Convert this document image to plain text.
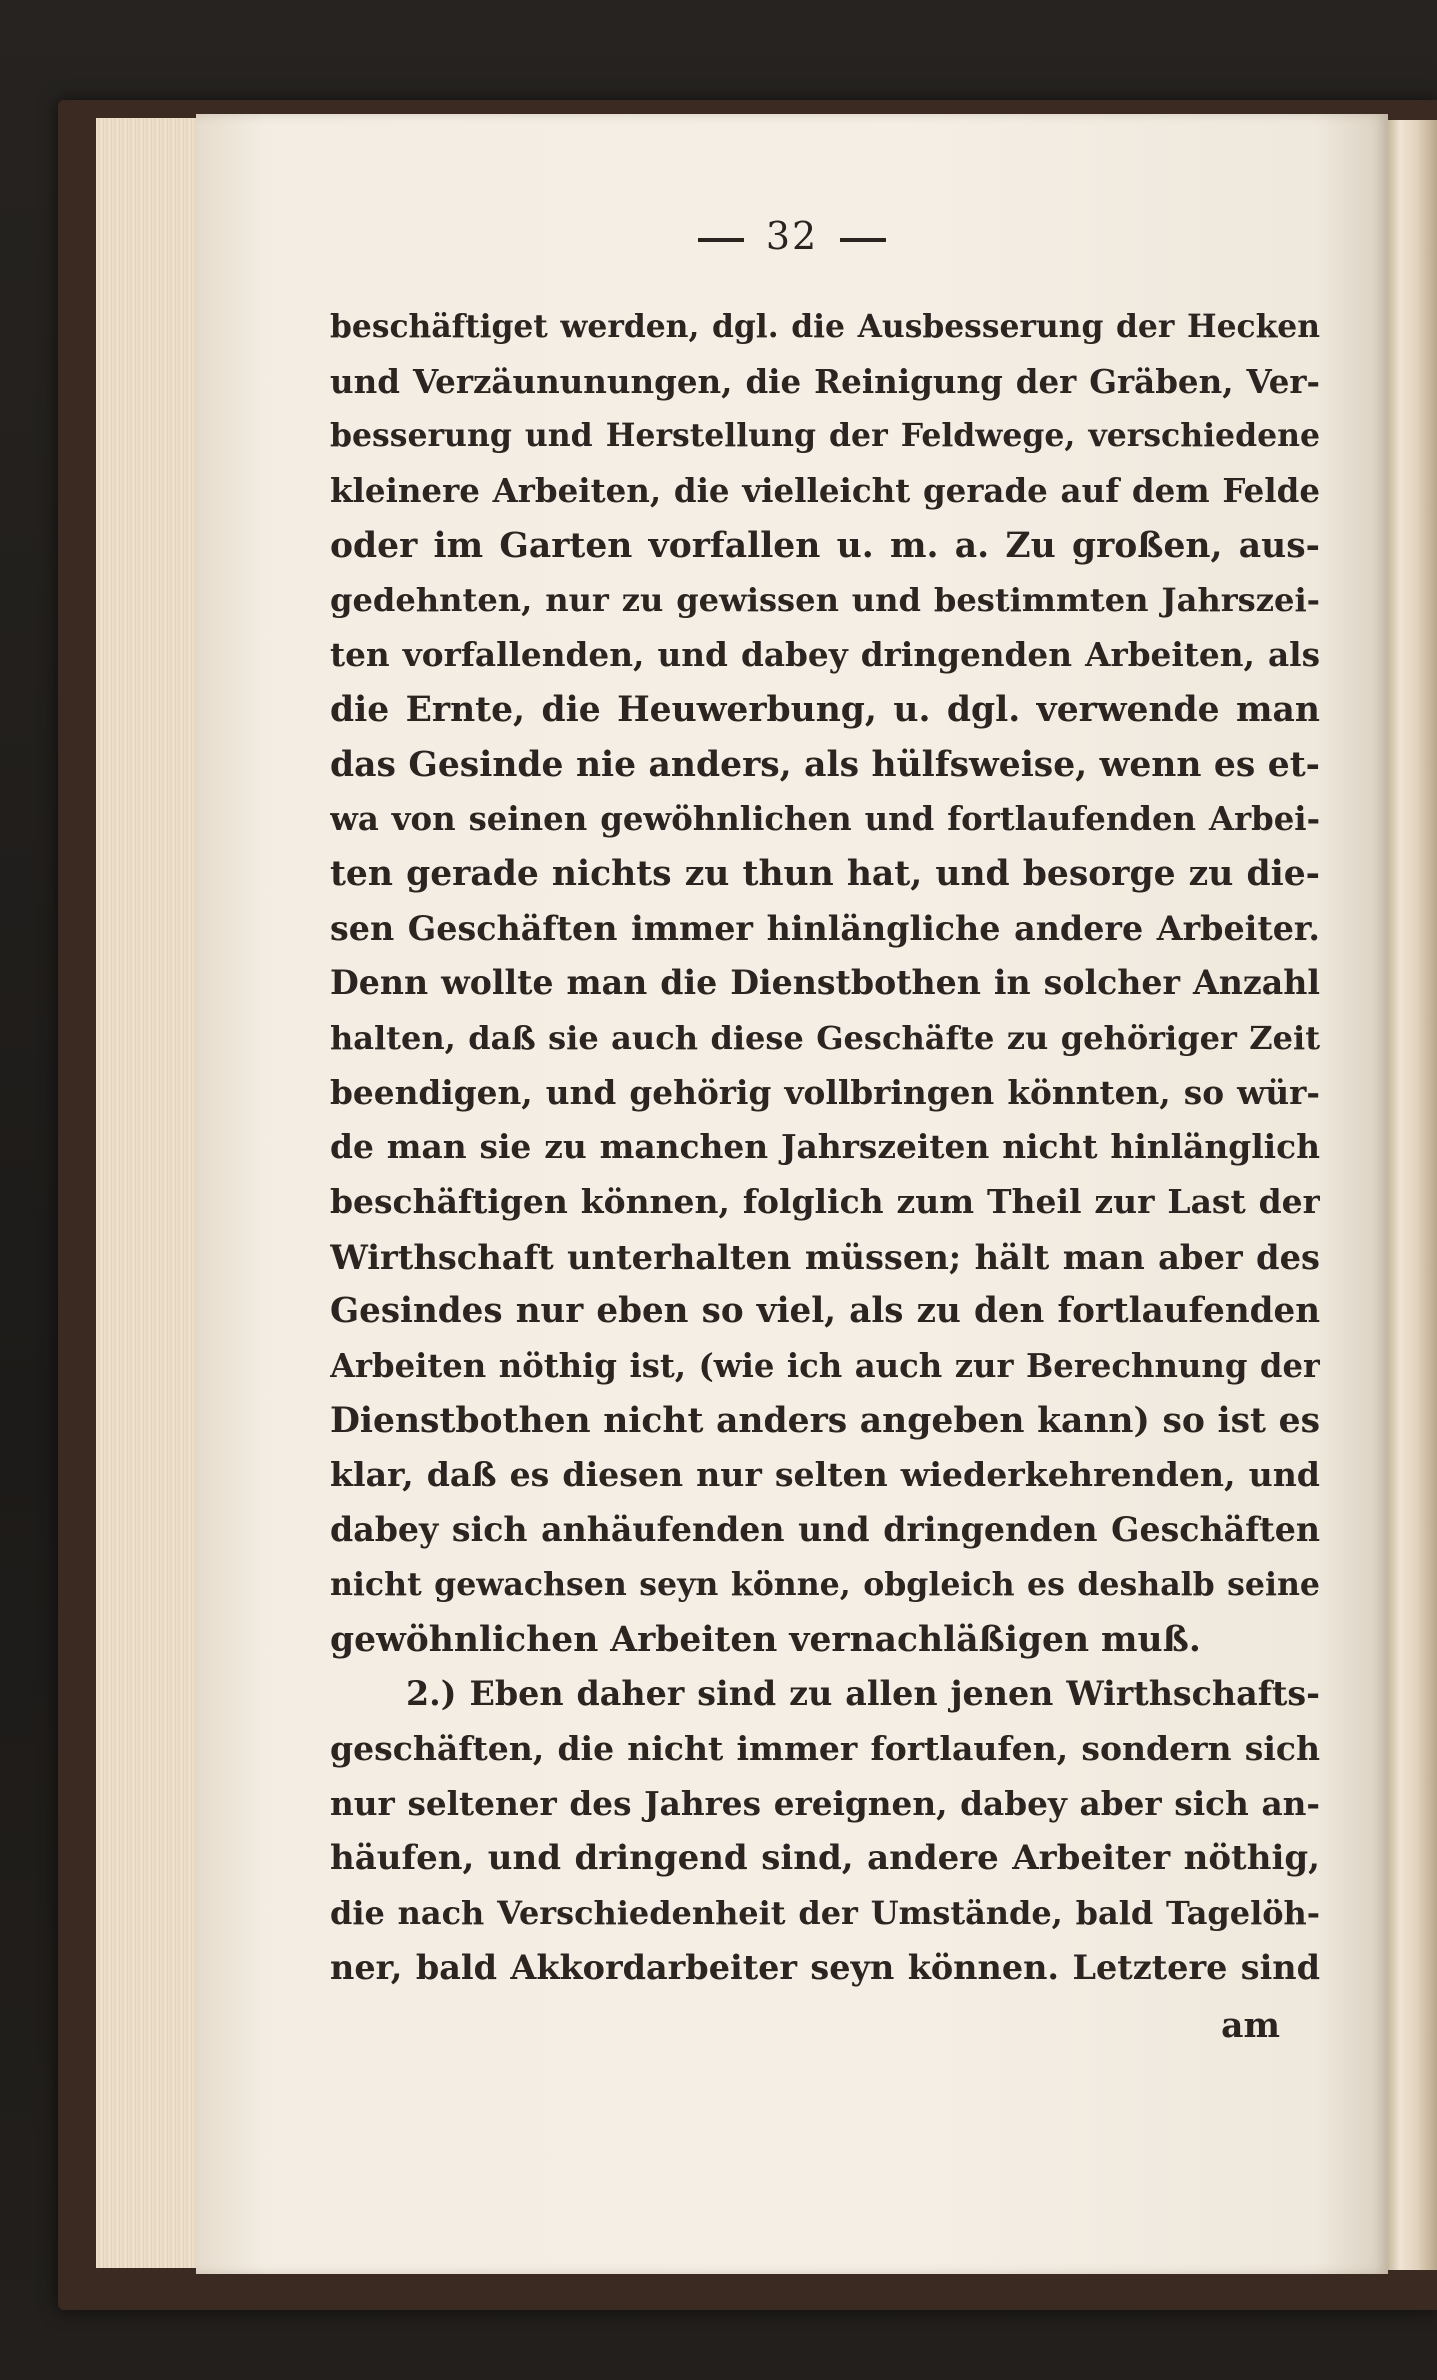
32
beschäftiget werden, dgl. die Ausbesserung der Hecken
und Verzäununungen, die Reinigung der Gräben, Ver-
besserung und Herstellung der Feldwege, verschiedene
kleinere Arbeiten, die vielleicht gerade auf dem Felde
oder im Garten vorfallen u. m. a. Zu großen, aus-
gedehnten, nur zu gewissen und bestimmten Jahrszei-
ten vorfallenden, und dabey dringenden Arbeiten, als
die Ernte, die Heuwerbung, u. dgl. verwende man
das Gesinde nie anders, als hülfsweise, wenn es et-
wa von seinen gewöhnlichen und fortlaufenden Arbei-
ten gerade nichts zu thun hat, und besorge zu die-
sen Geschäften immer hinlängliche andere Arbeiter.
Denn wollte man die Dienstbothen in solcher Anzahl
halten, daß sie auch diese Geschäfte zu gehöriger Zeit
beendigen, und gehörig vollbringen könnten, so wür-
de man sie zu manchen Jahrszeiten nicht hinlänglich
beschäftigen können, folglich zum Theil zur Last der
Wirthschaft unterhalten müssen; hält man aber des
Gesindes nur eben so viel, als zu den fortlaufenden
Arbeiten nöthig ist, (wie ich auch zur Berechnung der
Dienstbothen nicht anders angeben kann) so ist es
klar, daß es diesen nur selten wiederkehrenden, und
dabey sich anhäufenden und dringenden Geschäften
nicht gewachsen seyn könne, obgleich es deshalb seine
gewöhnlichen Arbeiten vernachläßigen muß.
2.) Eben daher sind zu allen jenen Wirthschafts-
geschäften, die nicht immer fortlaufen, sondern sich
nur seltener des Jahres ereignen, dabey aber sich an-
häufen, und dringend sind, andere Arbeiter nöthig,
die nach Verschiedenheit der Umstände, bald Tagelöh-
ner, bald Akkordarbeiter seyn können. Letztere sind
am
